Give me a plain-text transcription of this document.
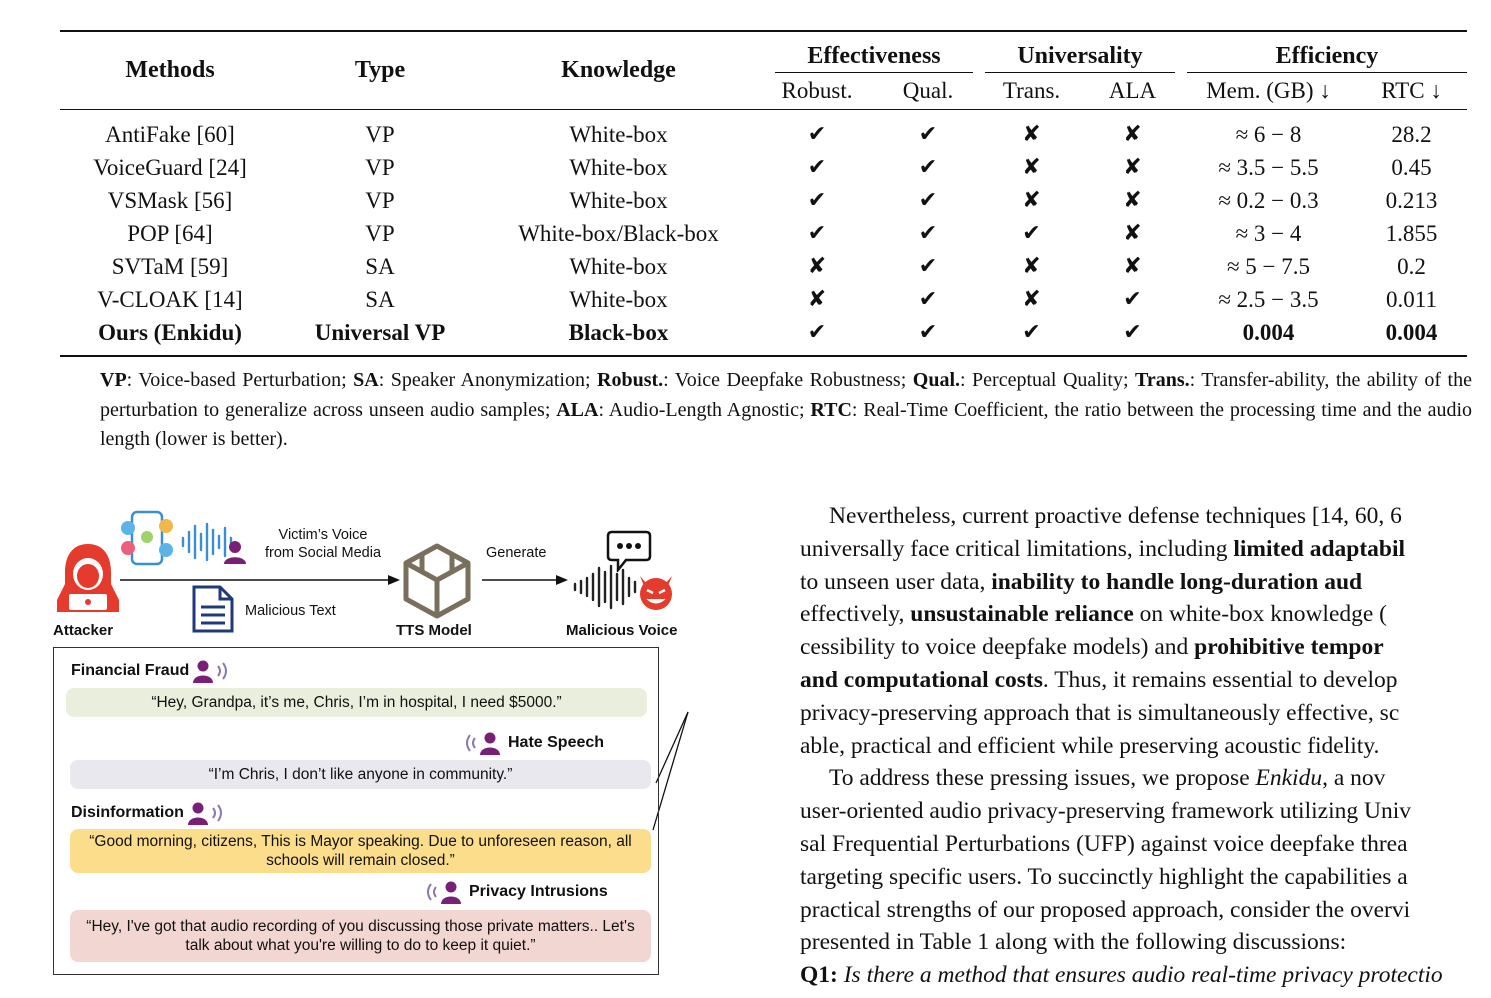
Methods	Type	Knowledge	Effectiveness		Universality		Efficiency	

			Robust.	Qual.	Trans.	ALA	Mem. (GB) ↓	RTC ↓
AntiFake [60]	VP	White-box	✔	✔	✘	✘	≈ 6 − 8	28.2
VoiceGuard [24]	VP	White-box	✔	✔	✘	✘	≈ 3.5 − 5.5	0.45
VSMask [56]	VP	White-box	✔	✔	✘	✘	≈ 0.2 − 0.3	0.213
POP [64]	VP	White-box/Black-box	✔	✔	✔	✘	≈ 3 − 4	1.855
SVTaM [59]	SA	White-box	✘	✔	✘	✘	≈ 5 − 7.5	0.2
V-CLOAK [14]	SA	White-box	✘	✔	✘	✔	≈ 2.5 − 3.5	0.011
Ours (Enkidu)	Universal VP	Black-box	✔	✔	✔	✔	0.004	0.004
VP: Voice-based Perturbation; SA: Speaker Anonymization; Robust.: Voice Deepfake Robustness; Qual.: Perceptual Quality; Trans.: Transfer-ability, the ability of the perturbation to generalize across unseen audio samples; ALA: Audio-Length Agnostic; RTC: Real-Time Coefficient, the ratio between the processing time and the audio length (lower is better).
Attacker
Victim’s Voice
from Social Media
Malicious Text
TTS Model
Generate
Malicious Voice
Financial Fraud
“Hey, Grandpa, it’s me, Chris, I’m in hospital, I need $5000.”
Hate Speech
“I’m Chris, I don’t like anyone in community.”
Disinformation
“Good morning, citizens, This is Mayor speaking. Due to unforeseen reason, all schools will remain closed.”
Privacy Intrusions
“Hey, I've got that audio recording of you discussing those private matters.. Let's talk about what you're willing to do to keep it quiet.”

Nevertheless, current proactive defense techniques [14, 60, 6

universally face critical limitations, including limited adaptabil

to unseen user data, inability to handle long-duration aud

effectively, unsustainable reliance on white-box knowledge (

cessibility to voice deepfake models) and prohibitive tempor

and computational costs. Thus, it remains essential to develop

privacy-preserving approach that is simultaneously effective, sc

able, practical and efficient while preserving acoustic fidelity.

To address these pressing issues, we propose Enkidu, a nov

user-oriented audio privacy-preserving framework utilizing Univ

sal Frequential Perturbations (UFP) against voice deepfake threa

targeting specific users. To succinctly highlight the capabilities a

practical strengths of our proposed approach, consider the overvi

presented in Table 1 along with the following discussions:

Q1: Is there a method that ensures audio real-time privacy protectio
